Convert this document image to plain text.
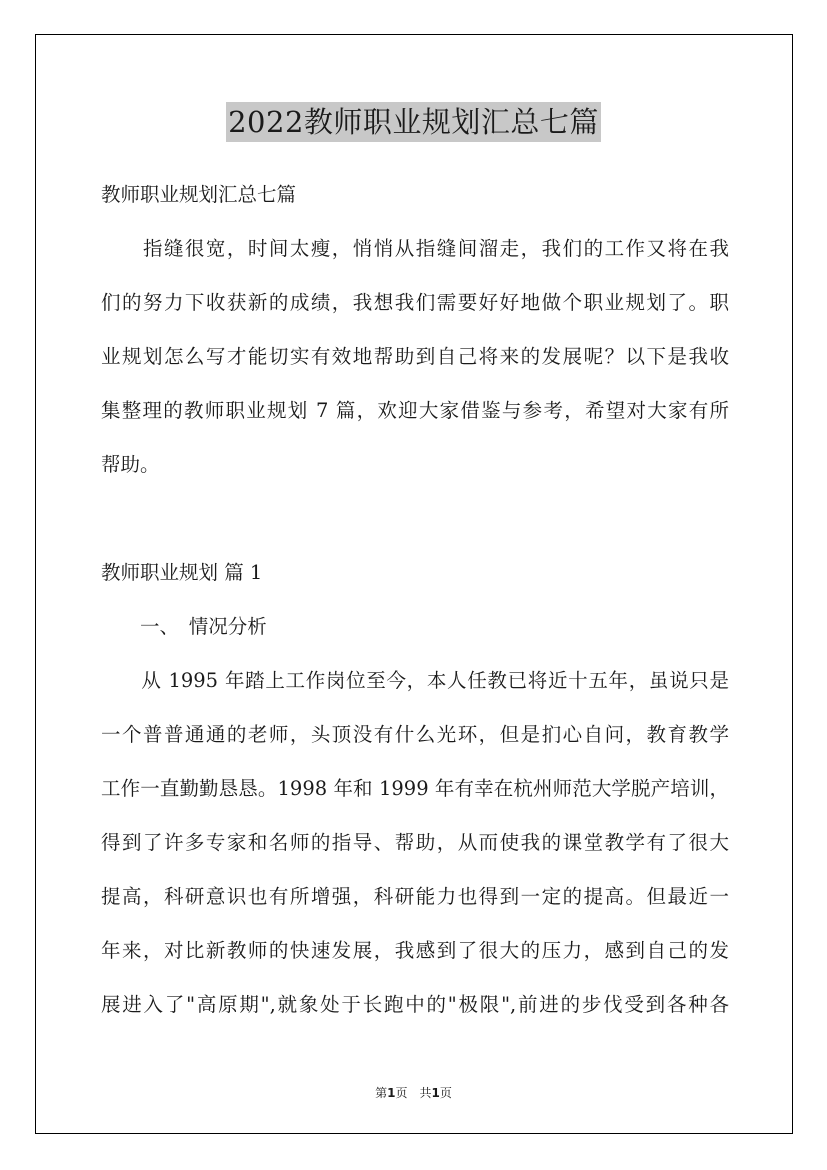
2022教师职业规划汇总七篇

教师职业规划汇总七篇

　　指缝很宽，时间太瘦，悄悄从指缝间溜走，我们的工作又将在我

们的努力下收获新的成绩，我想我们需要好好地做个职业规划了。职

业规划怎么写才能切实有效地帮助到自己将来的发展呢？以下是我收

集整理的教师职业规划 7 篇，欢迎大家借鉴与参考，希望对大家有所

帮助。

教师职业规划 篇 1

　　一、　情况分析

　　从 1995 年踏上工作岗位至今，本人任教已将近十五年，虽说只是

一个普普通通的老师，头顶没有什么光环，但是扪心自问，教育教学

工作一直勤勤恳恳。1998 年和 1999 年有幸在杭州师范大学脱产培训，

得到了许多专家和名师的指导、帮助，从而使我的课堂教学有了很大

提高，科研意识也有所增强，科研能力也得到一定的提高。但最近一

年来，对比新教师的快速发展，我感到了很大的压力，感到自己的发

展进入了"高原期",就象处于长跑中的"极限",前进的步伐受到各种各

第1页　共1页
